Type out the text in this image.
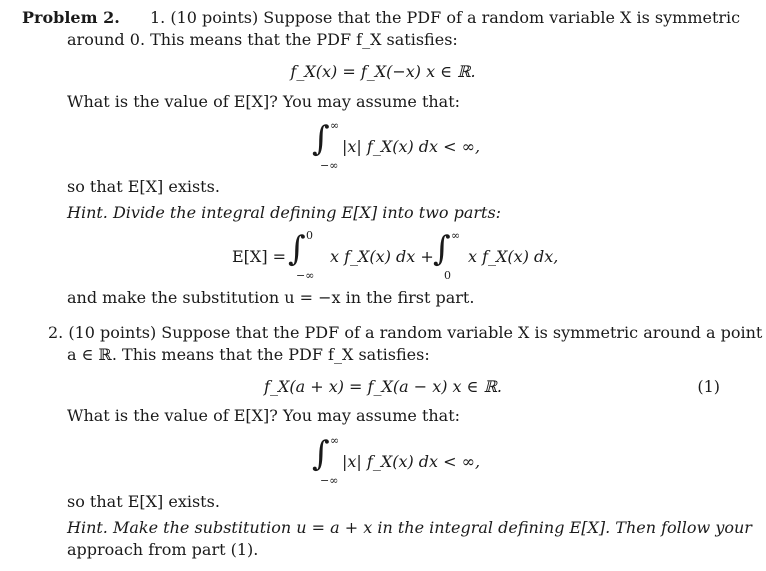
Problem 2. 1. (10 points) Suppose that the PDF of a random variable X is symmetric
around 0. This means that the PDF f_X satisfies:
f_X(x) = f_X(−x) x ∈ ℝ.
What is the value of E[X]? You may assume that:
∫ ∞
−∞
|x| f_X(x) dx < ∞,
so that E[X] exists.
Hint. Divide the integral defining E[X] into two parts:
E[X] = ∫ 0
−∞
x f_X(x) dx + ∫ ∞
0
x f_X(x) dx,
and make the substitution u = −x in the first part.
2. (10 points) Suppose that the PDF of a random variable X is symmetric around a point
a ∈ ℝ. This means that the PDF f_X satisfies:
f_X(a + x) = f_X(a − x) x ∈ ℝ.	(1)
What is the value of E[X]? You may assume that:
∫ ∞
−∞
|x| f_X(x) dx < ∞,
so that E[X] exists.
Hint. Make the substitution u = a + x in the integral defining E[X]. Then follow your
approach from part (1).
